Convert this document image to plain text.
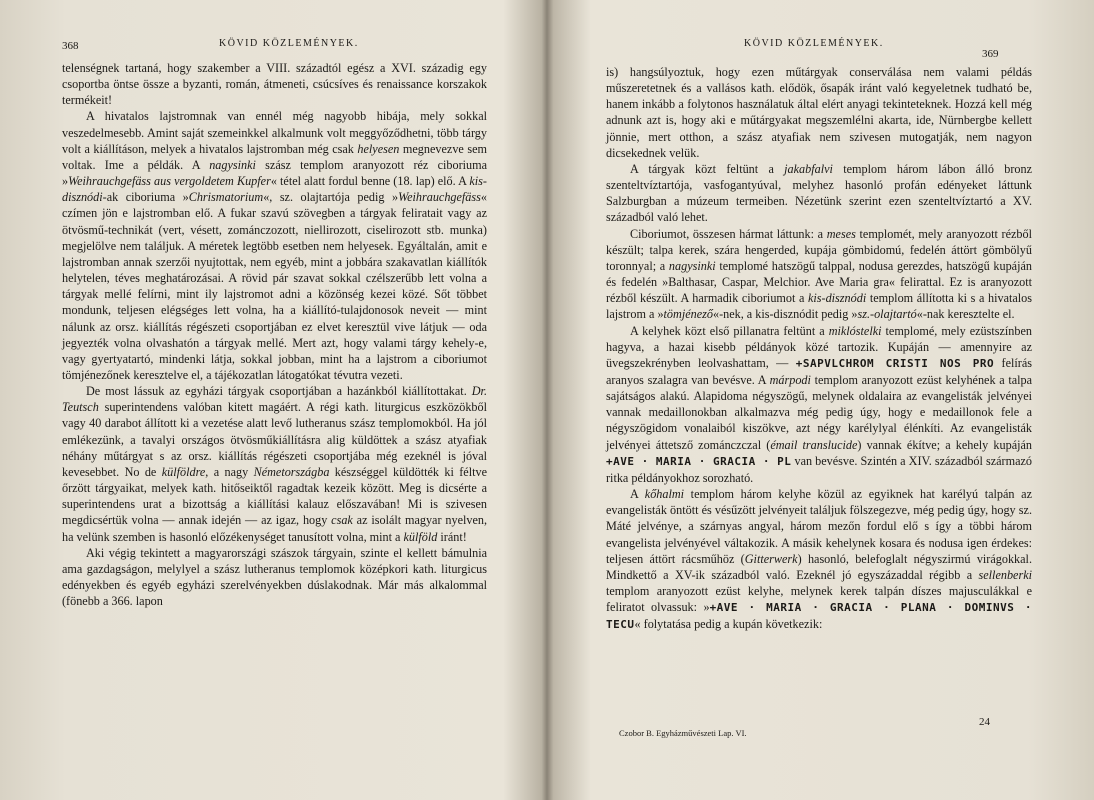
368	KÖVID KÖZLEMÉNYEK.

telenségnek tartaná, hogy szakember a VIII. századtól egész a XVI. századig egy csoportba öntse össze a byzanti, román, átmeneti, csúcsíves és renaissance korszakok termékeit!

A hivatalos lajstromnak van ennél még nagyobb hibája, mely sokkal veszedelmesebb. Amint saját szemeinkkel alkalmunk volt meggyőződhetni, több tárgy volt a kiállításon, melyek a hivatalos lajstromban még csak helyesen megnevezve sem voltak. Ime a példák. A nagysinki szász templom aranyozott réz ciboriuma »Weihrauchgefäss aus vergoldetem Kupfer« tétel alatt fordul benne (18. lap) elő. A kis-disznódi-ak ciboriuma »Chrismatorium«, sz. olajtartója pedig »Weihrauchgefäss« czímen jön e lajstromban elő. A fukar szavú szövegben a tárgyak feliratait vagy az ötvösmű-technikát (vert, vésett, zománczozott, niellirozott, ciselirozott stb. munka) megjelölve nem találjuk. A méretek legtöbb esetben nem helyesek. Egyáltalán, amit e lajstromban annak szerzői nyujtottak, nem egyéb, mint a jobbára szakavatlan kiállítók helytelen, téves meghatározásai. A rövid pár szavat sokkal czélszerűbb lett volna a tárgyak mellé felírni, mint ily lajstromot adni a közönség kezei közé. Sőt többet mondunk, teljesen elégséges lett volna, ha a kiállító-tulajdonosok neveit — mint nálunk az orsz. kiállítás régészeti csoportjában ez elvet keresztül vive látjuk — oda jegyezték volna olvashatón a tárgyak mellé. Mert azt, hogy valami tárgy kehely-e, vagy gyertyatartó, mindenki látja, sokkal jobban, mint ha a lajstrom a ciboriumot tömjénezőnek keresztelve el, a tájékozatlan látogatókat tévutra vezeti.

De most lássuk az egyházi tárgyak csoportjában a hazánkból kiállítottakat. Dr. Teutsch superintendens valóban kitett magáért. A régi kath. liturgicus eszközökből vagy 40 darabot állított ki a vezetése alatt levő lutheranus szász templomokból. Ha jól emlékezünk, a tavalyi országos ötvösműkiállításra alig küldöttek a szász atyafiak néhány műtárgyat s az orsz. kiállítás régészeti csoportjába még ezeknél is jóval kevesebbet. No de külföldre, a nagy Németországba készséggel küldötték ki féltve őrzött tárgyaikat, melyek kath. hitőseiktől ragadtak kezeik között. Meg is dicsérte a superintendens urat a bizottság a kiállítási kalauz előszavában! Mi is szivesen megdicsértük volna — annak idején — az igaz, hogy csak az isolált magyar nyelven, ha velünk szemben is hasonló előzékenységet tanusított volna, mint a külföld iránt!

Aki végig tekintett a magyarországi szászok tárgyain, szinte el kellett bámulnia ama gazdagságon, melylyel a szász lutheranus templomok középkori kath. liturgicus edényekben és egyéb egyházi szerelvényekben dúslakodnak. Már más alkalommal (fönebb a 366. lapon

KÖVID KÖZLEMÉNYEK.
369

is) hangsúlyoztuk, hogy ezen műtárgyak conserválása nem valami példás műszeretetnek és a vallásos kath. elődök, ősapák iránt való kegyeletnek tudható be, hanem inkább a folytonos használatuk által elért anyagi tekinteteknek. Hozzá kell még adnunk azt is, hogy aki e műtárgyakat megszemlélni akarta, ide, Nürnbergbe kellett jönnie, mert otthon, a szász atyafiak nem szivesen mutogatják, nem nagyon dicsekednek velük.

A tárgyak közt feltünt a jakabfalvi templom három lábon álló bronz szenteltvíztartója, vasfogantyúval, melyhez hasonló profán edényeket láttunk Salzburgban a múzeum termeiben. Nézetünk szerint ezen szenteltvíztartó a XV. századból való lehet.

Ciboriumot, összesen hármat láttunk: a meses templomét, mely aranyozott rézből készült; talpa kerek, szára hengerded, kupája gömbidomú, fedelén áttört gömbölyű toronnyal; a nagysinki templomé hatszögű talppal, nodusa gerezdes, hatszögű kupáján és fedelén »Balthasar, Caspar, Melchior. Ave Maria gra« felirattal. Ez is aranyozott rézből készült. A harmadik ciboriumot a kis-disznódi templom állította ki s a hivatalos lajstrom a »tömjénező«-nek, a kis-disznódit pedig »sz.-olajtartó«-nak keresztelte el.

A kelyhek közt első pillanatra feltünt a miklóstelki templomé, mely ezüstszínben hagyva, a hazai kisebb példányok közé tartozik. Kupáján — amennyire az üvegszekrényben leolvashattam, — +SAPVLCHROM CRISTI NOS PRO felírás aranyos szalagra van bevésve. A márpodi templom aranyozott ezüst kelyhének a talpa sajátságos alakú. Alapidoma négyszögű, melynek oldalaira az evangelisták jelvényei vannak medaillonokban alkalmazva még pedig úgy, hogy e medaillonok fele a négyszögidom vonalaiból kiszökve, azt négy karélylyal élénkíti. Az evangelisták jelvényei áttetsző zománczczal (émail translucide) vannak ékítve; a kehely kupáján +AVE · MARIA · GRACIA · PL van bevésve. Szintén a XIV. századból származó ritka példányokhoz sorozható.

A kőhalmi templom három kelyhe közül az egyiknek hat karélyú talpán az evangelisták öntött és vésűzött jelvényeit találjuk fölszegezve, még pedig úgy, hogy sz. Máté jelvénye, a szárnyas angyal, három mezőn fordul elő s így a többi három evangelista jelvényével váltakozik. A másik kehelynek kosara és nodusa igen érdekes: teljesen áttört rácsműhöz (Gitterwerk) hasonló, belefoglalt négyszirmú virágokkal. Mindkettő a XV-ik századból való. Ezeknél jó egyszázaddal régibb a sellenberki templom aranyozott ezüst kelyhe, melynek kerek talpán díszes majusculákkal e feliratot olvassuk: »+AVE · MARIA · GRACIA · PLANA · DOMINVS · TECU« folytatása pedig a kupán következik:

Czobor B. Egyházművészeti Lap. VI.
24
